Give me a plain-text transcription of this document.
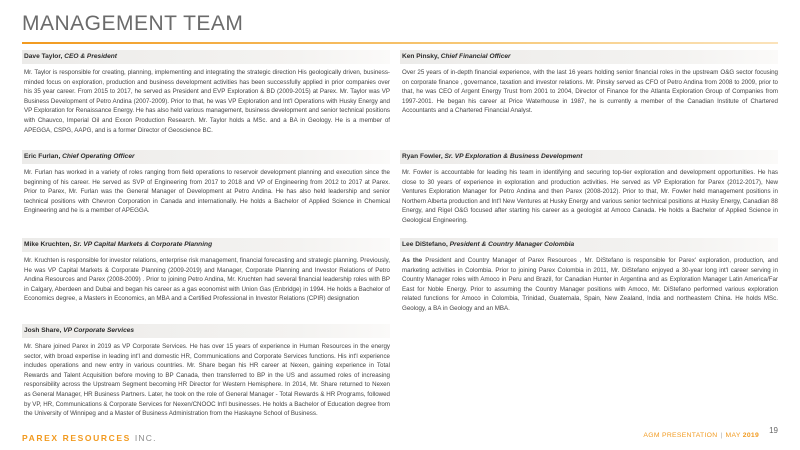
MANAGEMENT TEAM
Dave Taylor, CEO & President

Mr. Taylor is responsible for creating, planning, implementing and integrating the strategic direction His geologically driven, business-minded focus on exploration, production and business development activities has been successfully applied in prior companies over his 35 year career. From 2015 to 2017, he served as President and EVP Exploration & BD (2009-2015) at Parex. Mr. Taylor was VP Business Development of Petro Andina (2007-2009). Prior to that, he was VP Exploration and Int'l Operations with Husky Energy and VP Exploration for Renaissance Energy. He has also held various management, business development and senior technical positions with Chauvco, Imperial Oil and Exxon Production Research. Mr. Taylor holds a MSc. and a BA in Geology. He is a member of APEGGA, CSPG, AAPG, and is a former Director of Geoscience BC.

Ken Pinsky, Chief Financial Officer

Over 25 years of in-depth financial experience, with the last 16 years holding senior financial roles in the upstream O&G sector focusing on corporate finance , governance, taxation and investor relations. Mr. Pinsky served as CFO of Petro Andina from 2008 to 2009, prior to that, he was CEO of Argent Energy Trust from 2001 to 2004, Director of Finance for the Atlanta Exploration Group of Companies from 1997-2001. He began his career at Price Waterhouse in 1987, he is currently a member of the Canadian Institute of Chartered Accountants and a Chartered Financial Analyst.

Eric Furlan, Chief Operating Officer

Mr. Furlan has worked in a variety of roles ranging from field operations to reservoir development planning and execution since the beginning of his career. He served as SVP of Engineering from 2017 to 2018 and VP of Engineering from 2012 to 2017 at Parex. Prior to Parex, Mr. Furlan was the General Manager of Development at Petro Andina. He has also held leadership and senior technical positions with Chevron Corporation in Canada and internationally. He holds a Bachelor of Applied Science in Chemical Engineering and he is a member of APEGGA.

Ryan Fowler, Sr. VP Exploration & Business Development

Mr. Fowler is accountable for leading his team in identifying and securing top-tier exploration and development opportunities. He has close to 30 years of experience in exploration and production activities. He served as VP Exploration for Parex (2012-2017), New Ventures Exploration Manager for Petro Andina and then Parex (2008-2012). Prior to that, Mr. Fowler held management positions in Northern Alberta production and Int'l New Ventures at Husky Energy and various senior technical positions at Husky Energy, Canadian 88 Energy, and Rigel O&G focused after starting his career as a geologist at Amoco Canada. He holds a Bachelor of Applied Science in Geological Engineering.

Mike Kruchten, Sr. VP Capital Markets & Corporate Planning

Mr. Kruchten is responsible for investor relations, enterprise risk management, financial forecasting and strategic planning. Previously, He was VP Capital Markets & Corporate Planning (2009-2019) and Manager, Corporate Planning and Investor Relations of Petro Andina Resources and Parex (2008-2009) . Prior to joining Petro Andina, Mr. Kruchten had several financial leadership roles with BP in Calgary, Aberdeen and Dubai and began his career as a gas economist with Union Gas (Enbridge) in 1994. He holds a Bachelor of Economics degree, a Masters in Economics, an MBA and a Certified Professional in Investor Relations (CPIR) designation

Lee DiStefano, President & Country Manager Colombia

As the President and Country Manager of Parex Resources , Mr. DiStefano is responsible for Parex' exploration, production, and marketing activities in Colombia. Prior to joining Parex Colombia in 2011, Mr. DiStefano enjoyed a 30-year long int'l career serving in Country Manager roles with Amoco in Peru and Brazil, for Canadian Hunter in Argentina and as Exploration Manager Latin America/Far East for Noble Energy. Prior to assuming the Country Manager positions with Amoco, Mr. DiStefano performed various exploration related functions for Amoco in Colombia, Trinidad, Guatemala, Spain, New Zealand, India and northeastern China. He holds MSc. Geology, a BA in Geology and an MBA.

Josh Share, VP Corporate Services

Mr. Share joined Parex in 2019 as VP Corporate Services. He has over 15 years of experience in Human Resources in the energy sector, with broad expertise in leading int'l and domestic HR, Communications and Corporate Services functions. His int'l experience includes operations and new entry in various countries. Mr. Share began his HR career at Nexen, gaining experience in Total Rewards and Talent Acquisition before moving to BP Canada, then transferred to BP in the US and assumed roles of increasing responsibility across the Upstream Segment becoming HR Director for Western Hemisphere. In 2014, Mr. Share returned to Nexen as General Manager, HR Business Partners. Later, he took on the role of General Manager - Total Rewards & HR Programs, followed by VP, HR, Communications & Corporate Services for Nexen/CNOOC Int'l businesses. He holds a Bachelor of Education degree from the University of Winnipeg and a Master of Business Administration from the Haskayne School of Business.

PAREX RESOURCES INC.	AGM PRESENTATION | MAY 2019
19
